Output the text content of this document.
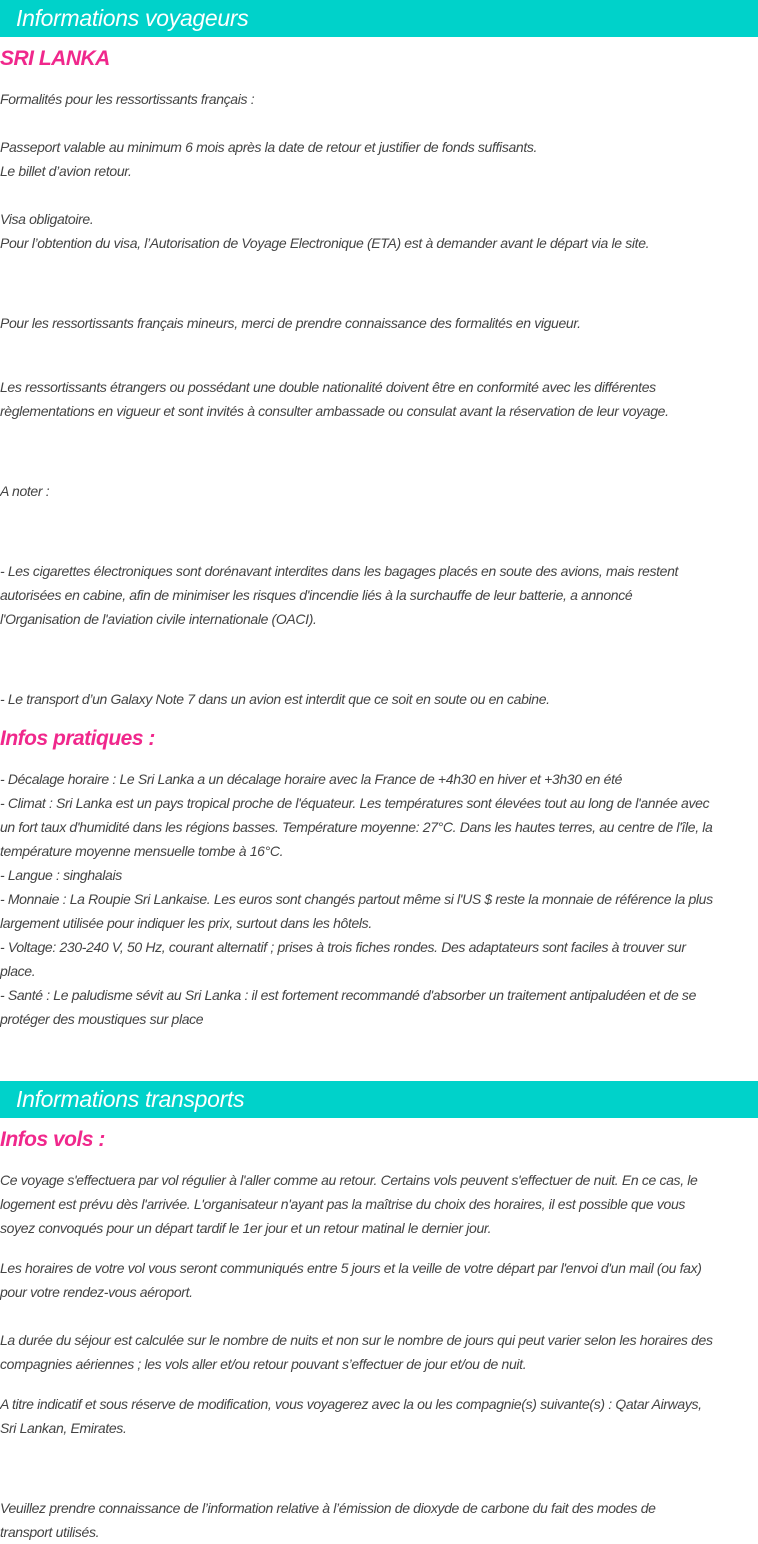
Informations voyageurs
SRI LANKA

Formalités pour les ressortissants français :

Passeport valable au minimum 6 mois après la date de retour et justifier de fonds suffisants.
Le billet d’avion retour.
Visa obligatoire.
Pour l’obtention du visa, l’Autorisation de Voyage Electronique (ETA) est à demander avant le départ via le site.

Pour les ressortissants français mineurs, merci de prendre connaissance des formalités en vigueur.

Les ressortissants étrangers ou possédant une double nationalité doivent être en conformité avec les différentes
règlementations en vigueur et sont invités à consulter ambassade ou consulat avant la réservation de leur voyage.

A noter :

- Les cigarettes électroniques sont dorénavant interdites dans les bagages placés en soute des avions, mais restent
autorisées en cabine, afin de minimiser les risques d'incendie liés à la surchauffe de leur batterie, a annoncé
l'Organisation de l'aviation civile internationale (OACI).

- Le transport d’un Galaxy Note 7 dans un avion est interdit que ce soit en soute ou en cabine.

Infos pratiques :
- Décalage horaire : Le Sri Lanka a un décalage horaire avec la France de +4h30 en hiver et +3h30 en été
- Climat : Sri Lanka est un pays tropical proche de l'équateur. Les températures sont élevées tout au long de l'année avec
un fort taux d'humidité dans les régions basses. Température moyenne: 27°C. Dans les hautes terres, au centre de l'île, la
température moyenne mensuelle tombe à 16°C.
- Langue : singhalais
- Monnaie : La Roupie Sri Lankaise. Les euros sont changés partout même si l'US $ reste la monnaie de référence la plus
largement utilisée pour indiquer les prix, surtout dans les hôtels.
- Voltage: 230-240 V, 50 Hz, courant alternatif ; prises à trois fiches rondes. Des adaptateurs sont faciles à trouver sur
place.
- Santé : Le paludisme sévit au Sri Lanka : il est fortement recommandé d'absorber un traitement antipaludéen et de se
protéger des moustiques sur place
Informations transports
Infos vols :
Ce voyage s'effectuera par vol régulier à l'aller comme au retour. Certains vols peuvent s'effectuer de nuit. En ce cas, le
logement est prévu dès l'arrivée. L'organisateur n'ayant pas la maîtrise du choix des horaires, il est possible que vous
soyez convoqués pour un départ tardif le 1er jour et un retour matinal le dernier jour.
Les horaires de votre vol vous seront communiqués entre 5 jours et la veille de votre départ par l'envoi d'un mail (ou fax)
pour votre rendez-vous aéroport.
La durée du séjour est calculée sur le nombre de nuits et non sur le nombre de jours qui peut varier selon les horaires des
compagnies aériennes ; les vols aller et/ou retour pouvant s’effectuer de jour et/ou de nuit.
A titre indicatif et sous réserve de modification, vous voyagerez avec la ou les compagnie(s) suivante(s) : Qatar Airways,
Sri Lankan, Emirates.
Veuillez prendre connaissance de l’information relative à l’émission de dioxyde de carbone du fait des modes de
transport utilisés.
